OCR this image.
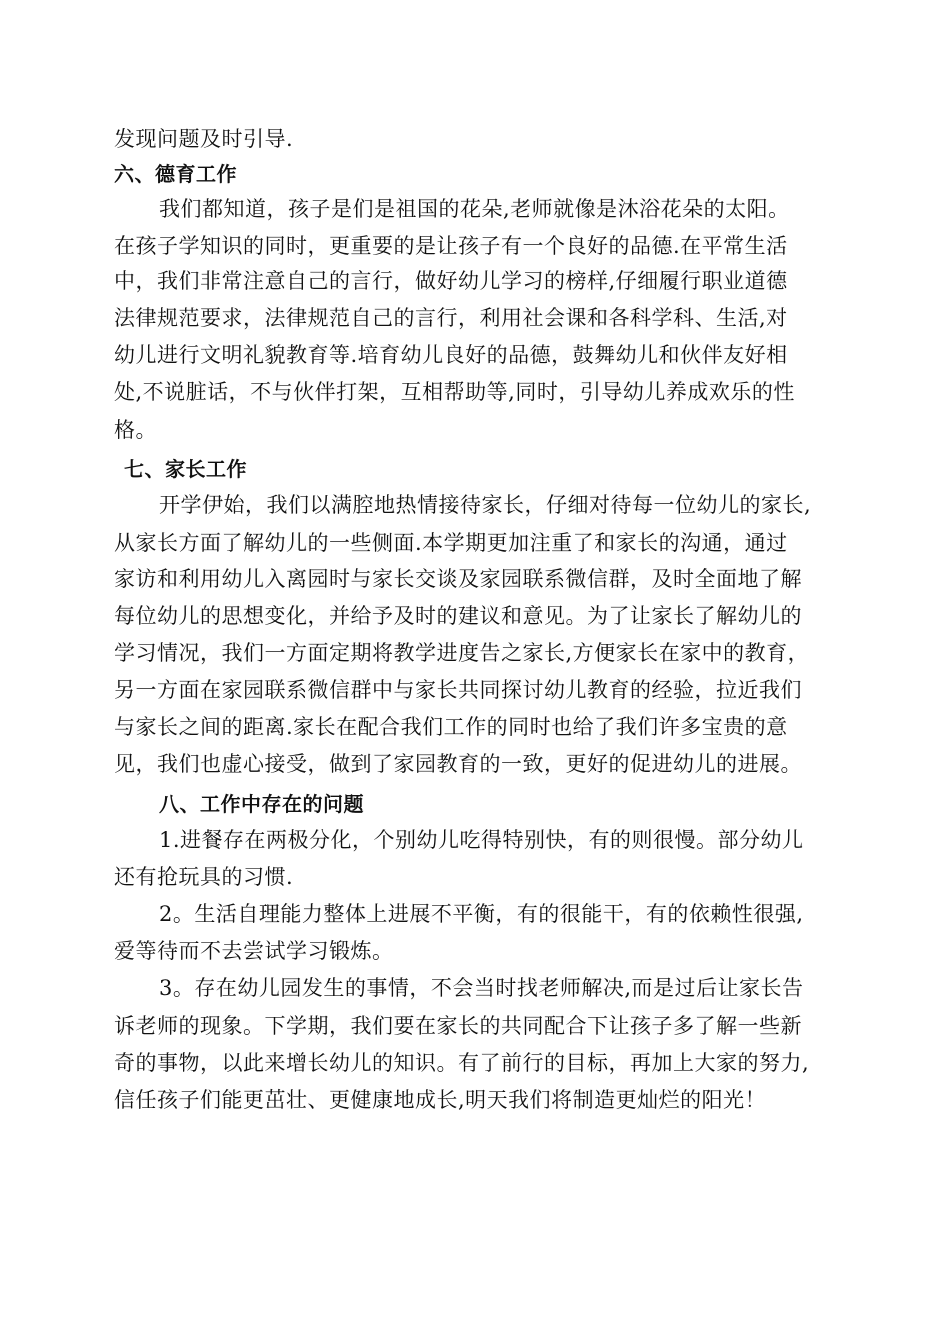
发现问题及时引导.
六、德育工作
我们都知道，孩子是们是祖国的花朵,老师就像是沐浴花朵的太阳。
在孩子学知识的同时，更重要的是让孩子有一个良好的品德.在平常生活
中，我们非常注意自己的言行，做好幼儿学习的榜样,仔细履行职业道德
法律规范要求，法律规范自己的言行，利用社会课和各科学科、生活,对
幼儿进行文明礼貌教育等.培育幼儿良好的品德，鼓舞幼儿和伙伴友好相
处,不说脏话，不与伙伴打架，互相帮助等,同时，引导幼儿养成欢乐的性
格。
七、家长工作
开学伊始，我们以满腔地热情接待家长，仔细对待每一位幼儿的家长,
从家长方面了解幼儿的一些侧面.本学期更加注重了和家长的沟通，通过
家访和利用幼儿入离园时与家长交谈及家园联系微信群，及时全面地了解
每位幼儿的思想变化，并给予及时的建议和意见。为了让家长了解幼儿的
学习情况，我们一方面定期将教学进度告之家长,方便家长在家中的教育，
另一方面在家园联系微信群中与家长共同探讨幼儿教育的经验，拉近我们
与家长之间的距离.家长在配合我们工作的同时也给了我们许多宝贵的意
见，我们也虚心接受，做到了家园教育的一致，更好的促进幼儿的进展。
八、工作中存在的问题
1.进餐存在两极分化，个别幼儿吃得特别快，有的则很慢。部分幼儿
还有抢玩具的习惯.
2。生活自理能力整体上进展不平衡，有的很能干，有的依赖性很强,
爱等待而不去尝试学习锻炼。
3。存在幼儿园发生的事情，不会当时找老师解决,而是过后让家长告
诉老师的现象。下学期，我们要在家长的共同配合下让孩子多了解一些新
奇的事物，以此来增长幼儿的知识。有了前行的目标，再加上大家的努力,
信任孩子们能更茁壮、更健康地成长,明天我们将制造更灿烂的阳光！
